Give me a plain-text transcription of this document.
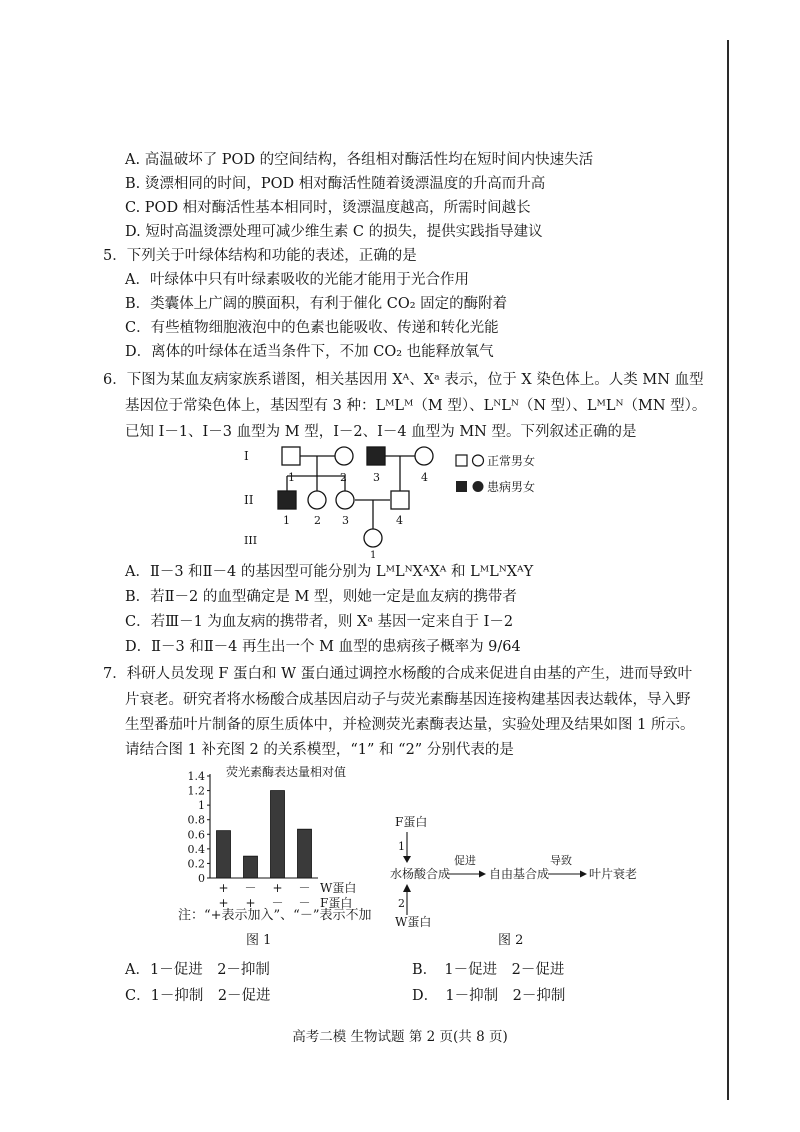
A. 高温破坏了 POD 的空间结构，各组相对酶活性均在短时间内快速失活
B. 烫漂相同的时间，POD 相对酶活性随着烫漂温度的升高而升高
C. POD 相对酶活性基本相同时，烫漂温度越高，所需时间越长
D. 短时高温烫漂处理可减少维生素 C 的损失，提供实践指导建议
5．下列关于叶绿体结构和功能的表述，正确的是
A．叶绿体中只有叶绿素吸收的光能才能用于光合作用
B．类囊体上广阔的膜面积，有利于催化 CO₂ 固定的酶附着
C．有些植物细胞液泡中的色素也能吸收、传递和转化光能
D．离体的叶绿体在适当条件下，不加 CO₂ 也能释放氧气
6．下图为某血友病家族系谱图，相关基因用 Xᴬ、Xᵃ 表示，位于 X 染色体上。人类 MN 血型
基因位于常染色体上，基因型有 3 种：LᴹLᴹ（M 型）、LᴺLᴺ（N 型）、LᴹLᴺ（MN 型）。
已知 I－1、I－3 血型为 M 型，I－2、I－4 血型为 MN 型。下列叙述正确的是
I
II
III
1	2 3	4
1 2 3	4
1
正常男女
患病男女
A．Ⅱ－3 和Ⅱ－4 的基因型可能分别为 LᴹLᴺXᴬXᴬ 和 LᴹLᴺXᴬY
B．若Ⅱ－2 的血型确定是 M 型，则她一定是血友病的携带者
C．若Ⅲ－1 为血友病的携带者，则 Xᵃ 基因一定来自于 I－2
D．Ⅱ－3 和Ⅱ－4 再生出一个 M 血型的患病孩子概率为 9/64
7．科研人员发现 F 蛋白和 W 蛋白通过调控水杨酸的合成来促进自由基的产生，进而导致叶
片衰老。研究者将水杨酸合成基因启动子与荧光素酶基因连接构建基因表达载体，导入野
生型番茄叶片制备的原生质体中，并检测荧光素酶表达量，实验处理及结果如图 1 所示。
请结合图 1 补充图 2 的关系模型，“1” 和 “2” 分别代表的是
荧光素酶表达量相对值
0
0.2
0.4
0.6
0.8
1
1.2
1.4
+
+
－
+
+
－
－
－
W蛋白
F蛋白
注：“+表示加入”、“－”表示不加
图 1
F蛋白
1
水杨酸合成
2
W蛋白
促进
自由基合成
导致
叶片衰老
图 2
A．1－促进　2－抑制	B．　1－促进　2－促进
C．1－抑制　2－促进	D．　1－抑制　2－抑制
高考二模 生物试题 第 2 页(共 8 页)
